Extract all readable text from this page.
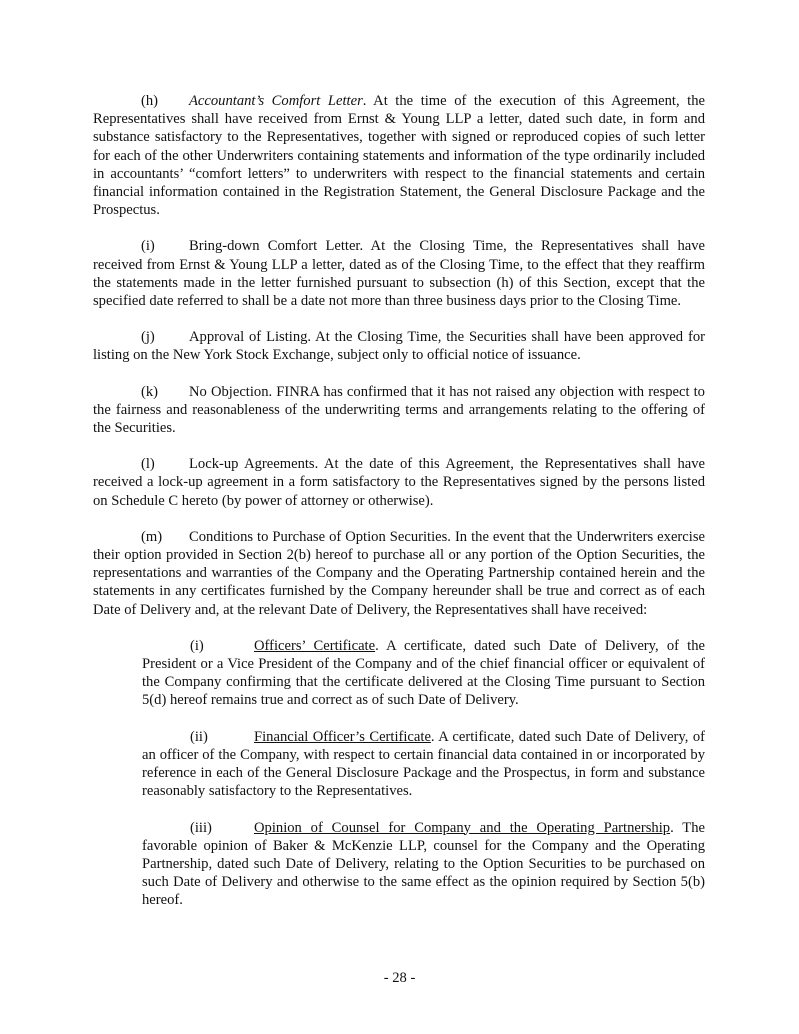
(h) Accountant’s Comfort Letter. At the time of the execution of this Agreement, the Representatives shall have received from Ernst & Young LLP a letter, dated such date, in form and substance satisfactory to the Representatives, together with signed or reproduced copies of such letter for each of the other Underwriters containing statements and information of the type ordinarily included in accountants’ “comfort letters” to underwriters with respect to the financial statements and certain financial information contained in the Registration Statement, the General Disclosure Package and the Prospectus.

(i) Bring-down Comfort Letter. At the Closing Time, the Representatives shall have received from Ernst & Young LLP a letter, dated as of the Closing Time, to the effect that they reaffirm the statements made in the letter furnished pursuant to subsection (h) of this Section, except that the specified date referred to shall be a date not more than three business days prior to the Closing Time.

(j) Approval of Listing. At the Closing Time, the Securities shall have been approved for listing on the New York Stock Exchange, subject only to official notice of issuance.

(k) No Objection. FINRA has confirmed that it has not raised any objection with respect to the fairness and reasonableness of the underwriting terms and arrangements relating to the offering of the Securities.

(l) Lock-up Agreements. At the date of this Agreement, the Representatives shall have received a lock-up agreement in a form satisfactory to the Representatives signed by the persons listed on Schedule C hereto (by power of attorney or otherwise).

(m) Conditions to Purchase of Option Securities. In the event that the Underwriters exercise their option provided in Section 2(b) hereof to purchase all or any portion of the Option Securities, the representations and warranties of the Company and the Operating Partnership contained herein and the statements in any certificates furnished by the Company hereunder shall be true and correct as of each Date of Delivery and, at the relevant Date of Delivery, the Representatives shall have received:

(i)	Officers’ Certificate. A certificate, dated such Date of Delivery, of the President or a Vice President of the Company and of the chief financial officer or equivalent of the Company confirming that the certificate delivered at the Closing Time pursuant to Section 5(d) hereof remains true and correct as of such Date of Delivery.

(ii)	Financial Officer’s Certificate. A certificate, dated such Date of Delivery, of an officer of the Company, with respect to certain financial data contained in or incorporated by reference in each of the General Disclosure Package and the Prospectus, in form and substance reasonably satisfactory to the Representatives.

(iii)	Opinion of Counsel for Company and the Operating Partnership. The favorable opinion of Baker & McKenzie LLP, counsel for the Company and the Operating Partnership, dated such Date of Delivery, relating to the Option Securities to be purchased on such Date of Delivery and otherwise to the same effect as the opinion required by Section 5(b) hereof.

- 28 -
